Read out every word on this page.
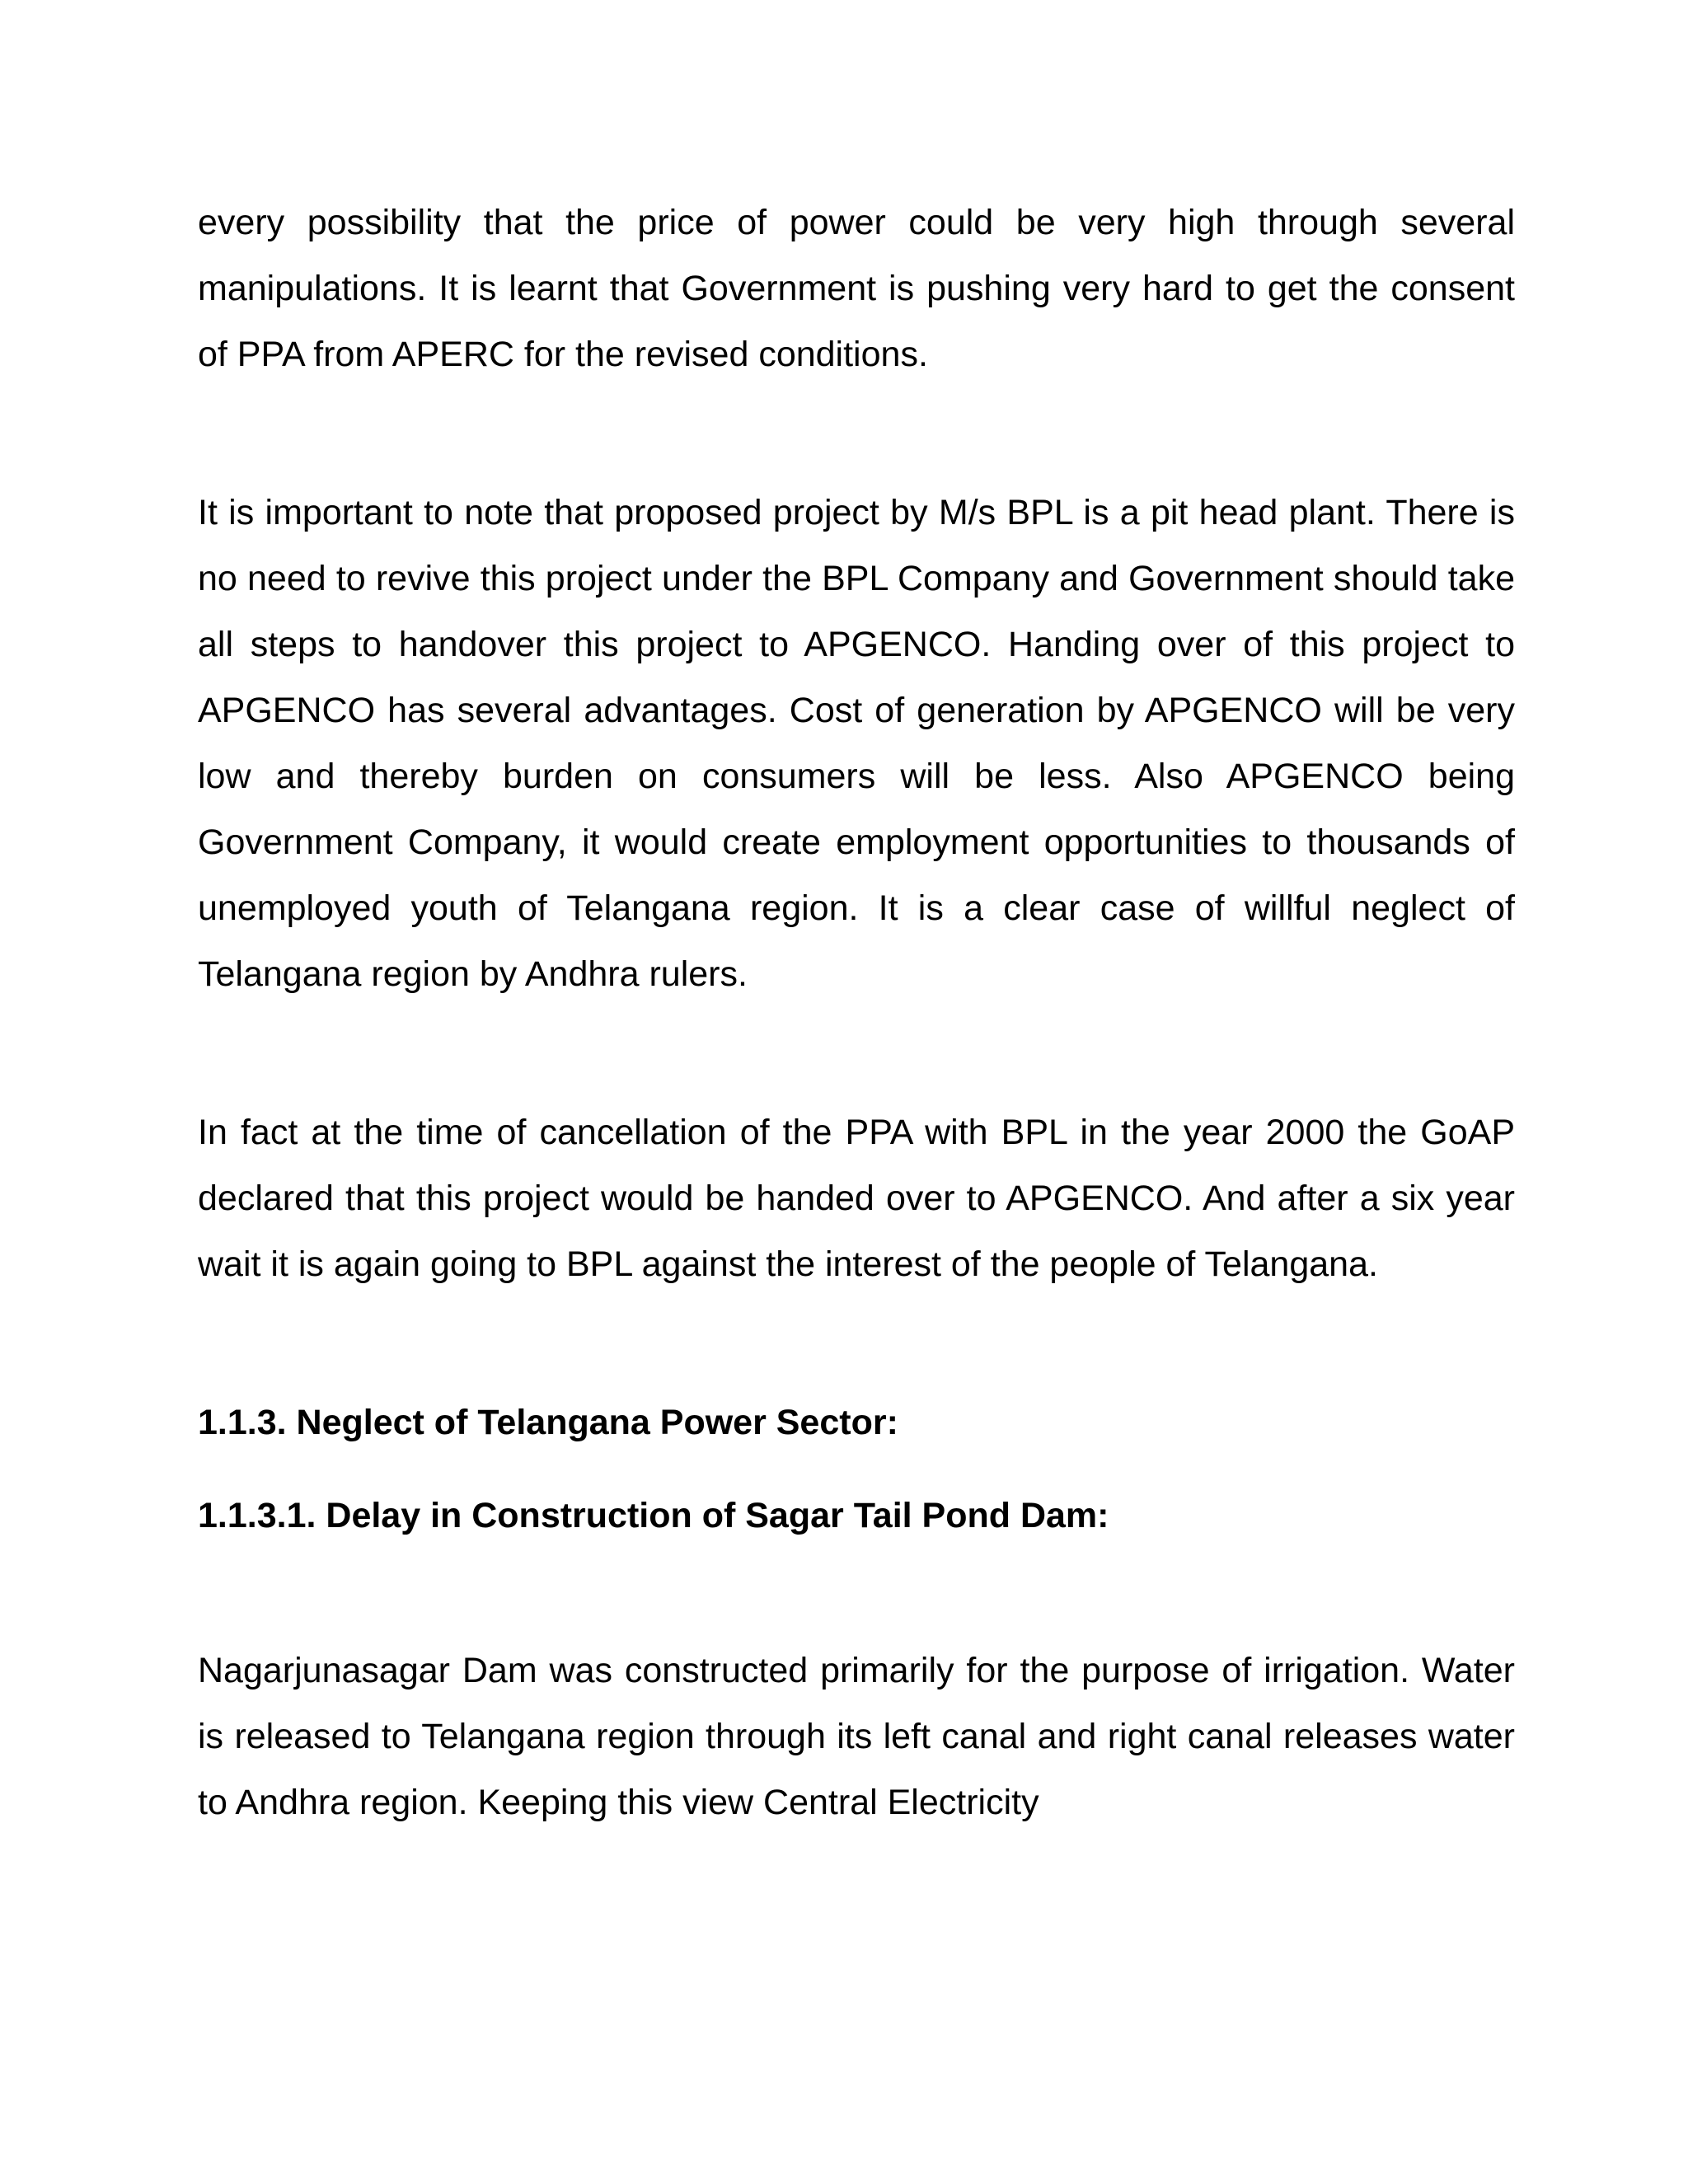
every possibility that the price of power could be very high through several manipulations. It is learnt that Government is pushing very hard to get the consent of PPA from APERC for the revised conditions.

It is important to note that proposed project by M/s BPL is a pit head plant. There is no need to revive this project under the BPL Company and Government should take all steps to handover this project to APGENCO. Handing over of this project to APGENCO has several advantages. Cost of generation by APGENCO will be very low and thereby burden on consumers will be less. Also APGENCO being Government Company, it would create employment opportunities to thousands of unemployed youth of Telangana region. It is a clear case of willful neglect of Telangana region by Andhra rulers.

In fact at the time of cancellation of the PPA with BPL in the year 2000 the GoAP declared that this project would be handed over to APGENCO. And after a six year wait it is again going to BPL against the interest of the people of Telangana.

1.1.3. Neglect of Telangana Power Sector:
1.1.3.1. Delay in Construction of Sagar Tail Pond Dam:

Nagarjunasagar Dam was constructed primarily for the purpose of irrigation. Water is released to Telangana region through its left canal and right canal releases water to Andhra region. Keeping this view Central Electricity
